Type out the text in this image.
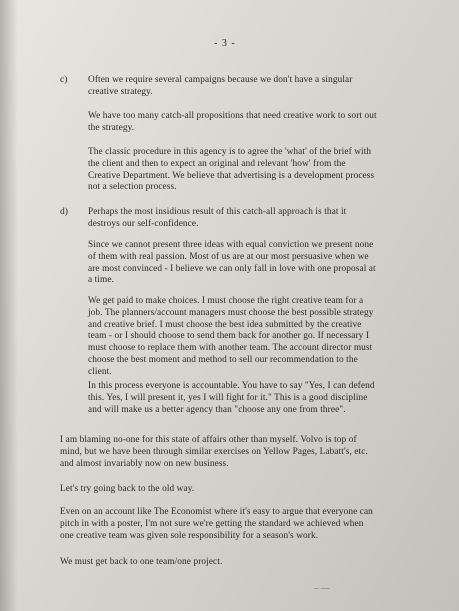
- 3 -
c) Often we require several campaigns because we don't have a singular creative strategy.

We have too many catch-all propositions that need creative work to sort out the strategy.

The classic procedure in this agency is to agree the 'what' of the brief with the client and then to expect an original and relevant 'how' from the Creative Department. We believe that advertising is a development process not a selection process.

d) Perhaps the most insidious result of this catch-all approach is that it destroys our self-confidence.

Since we cannot present three ideas with equal conviction we present none of them with real passion. Most of us are at our most persuasive when we are most convinced - I believe we can only fall in love with one proposal at a time.

We get paid to make choices. I must choose the right creative team for a job. The planners/account managers must choose the best possible strategy and creative brief. I must choose the best idea submitted by the creative team - or I should choose to send them back for another go. If necessary I must choose to replace them with another team. The account director must choose the best moment and method to sell our recommendation to the client.

In this process everyone is accountable. You have to say "Yes, I can defend this. Yes, I will present it, yes I will fight for it." This is a good discipline and will make us a better agency than "choose any one from three".

I am blaming no-one for this state of affairs other than myself. Volvo is top of mind, but we have been through similar exercises on Yellow Pages, Labatt's, etc. and almost invariably now on new business.

Let's try going back to the old way.

Even on an account like The Economist where it's easy to argue that everyone can pitch in with a poster, I'm not sure we're getting the standard we achieved when one creative team was given sole responsibility for a season's work.

We must get back to one team/one project.

– —
